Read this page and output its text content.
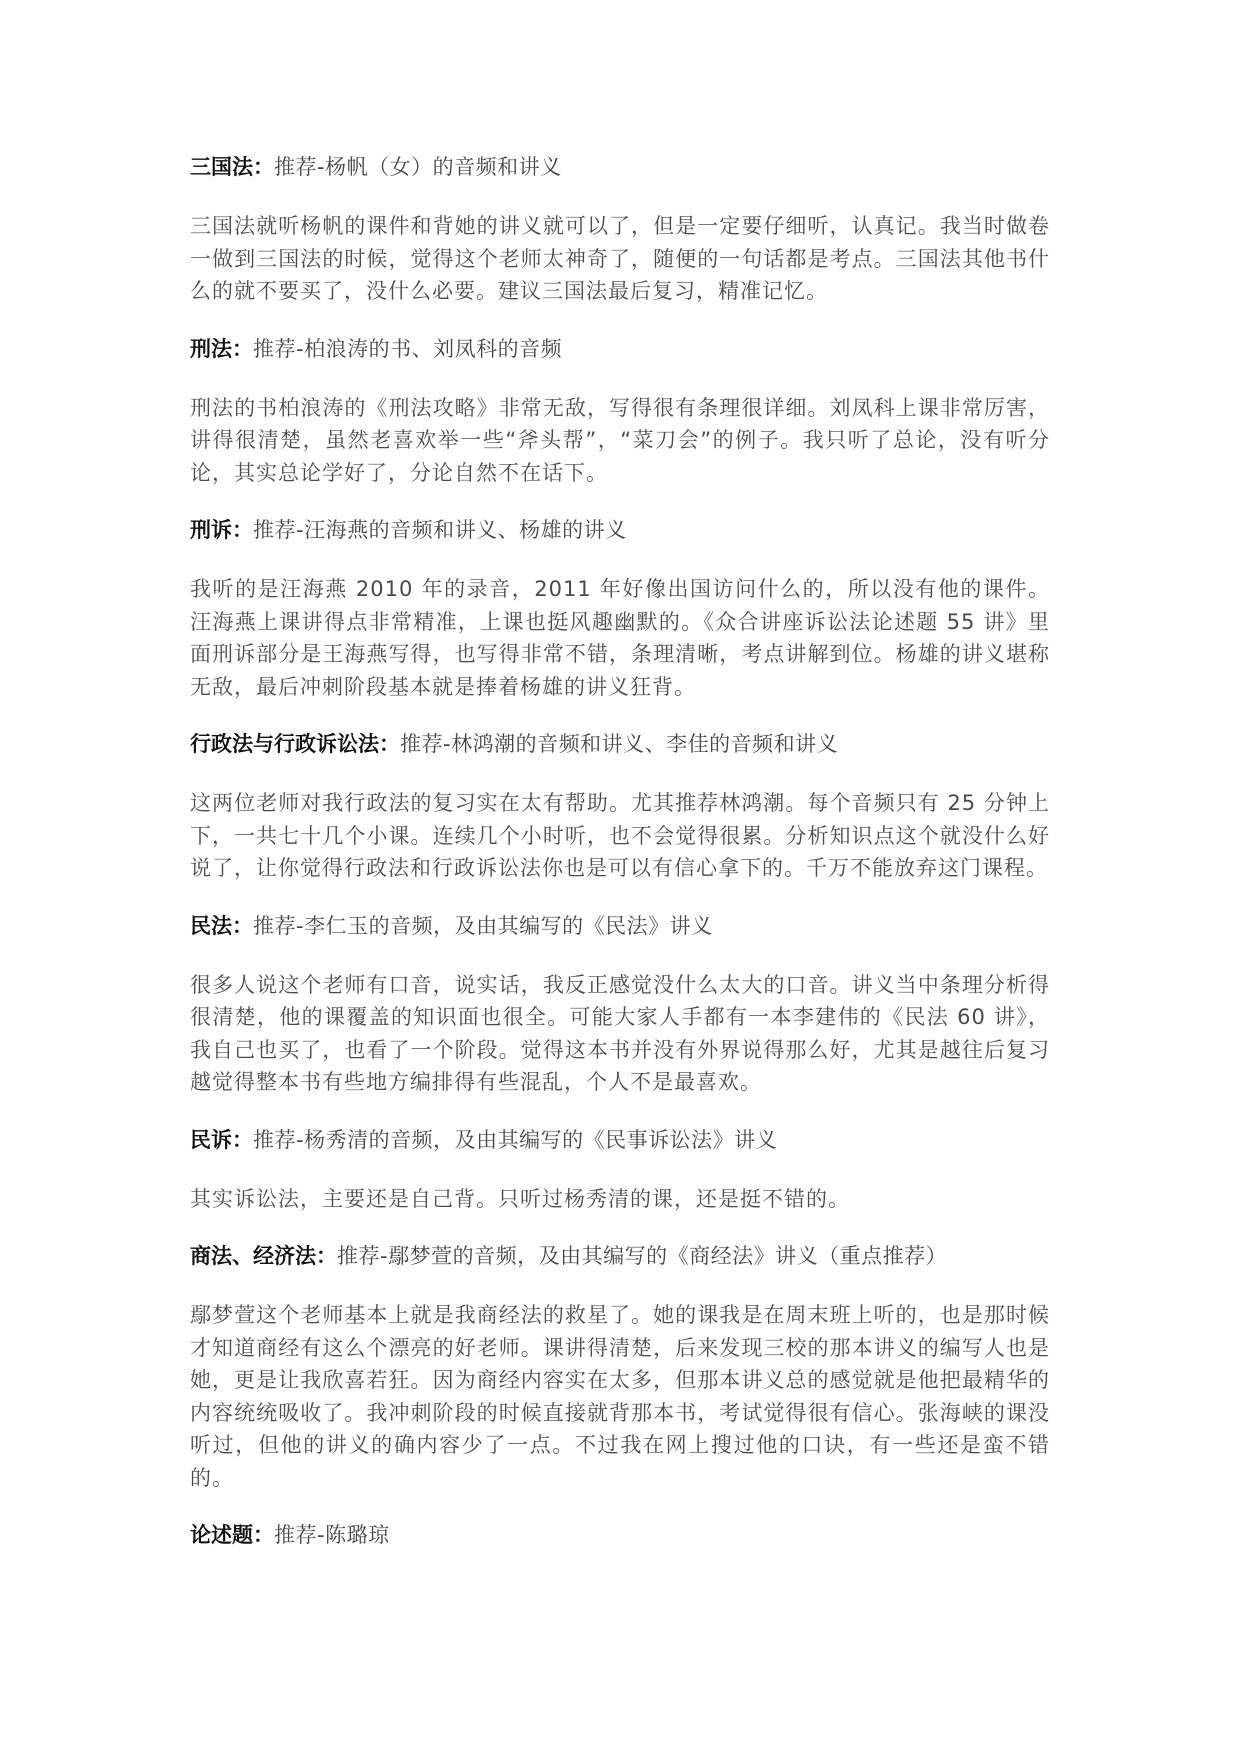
三国法：推荐-杨帆（女）的音频和讲义

三国法就听杨帆的课件和背她的讲义就可以了，但是一定要仔细听，认真记。我当时做卷一做到三国法的时候，觉得这个老师太神奇了，随便的一句话都是考点。三国法其他书什么的就不要买了，没什么必要。建议三国法最后复习，精准记忆。

刑法：推荐-柏浪涛的书、刘凤科的音频

刑法的书柏浪涛的《刑法攻略》非常无敌，写得很有条理很详细。刘凤科上课非常厉害，讲得很清楚，虽然老喜欢举一些“斧头帮”，“菜刀会”的例子。我只听了总论，没有听分论，其实总论学好了，分论自然不在话下。

刑诉：推荐-汪海燕的音频和讲义、杨雄的讲义

我听的是汪海燕 2010 年的录音，2011 年好像出国访问什么的，所以没有他的课件。汪海燕上课讲得点非常精准，上课也挺风趣幽默的。《众合讲座诉讼法论述题 55 讲》里面刑诉部分是王海燕写得，也写得非常不错，条理清晰，考点讲解到位。杨雄的讲义堪称无敌，最后冲刺阶段基本就是捧着杨雄的讲义狂背。

行政法与行政诉讼法：推荐-林鸿潮的音频和讲义、李佳的音频和讲义

这两位老师对我行政法的复习实在太有帮助。尤其推荐林鸿潮。每个音频只有 25 分钟上下，一共七十几个小课。连续几个小时听，也不会觉得很累。分析知识点这个就没什么好说了，让你觉得行政法和行政诉讼法你也是可以有信心拿下的。千万不能放弃这门课程。

民法：推荐-李仁玉的音频，及由其编写的《民法》讲义

很多人说这个老师有口音，说实话，我反正感觉没什么太大的口音。讲义当中条理分析得很清楚，他的课覆盖的知识面也很全。可能大家人手都有一本李建伟的《民法 60 讲》，我自己也买了，也看了一个阶段。觉得这本书并没有外界说得那么好，尤其是越往后复习越觉得整本书有些地方编排得有些混乱，个人不是最喜欢。

民诉：推荐-杨秀清的音频，及由其编写的《民事诉讼法》讲义

其实诉讼法，主要还是自己背。只听过杨秀清的课，还是挺不错的。

商法、经济法：推荐-鄢梦萱的音频，及由其编写的《商经法》讲义（重点推荐）

鄢梦萱这个老师基本上就是我商经法的救星了。她的课我是在周末班上听的，也是那时候才知道商经有这么个漂亮的好老师。课讲得清楚，后来发现三校的那本讲义的编写人也是她，更是让我欣喜若狂。因为商经内容实在太多，但那本讲义总的感觉就是他把最精华的内容统统吸收了。我冲刺阶段的时候直接就背那本书，考试觉得很有信心。张海峡的课没听过，但他的讲义的确内容少了一点。不过我在网上搜过他的口诀，有一些还是蛮不错的。

论述题：推荐-陈璐琼
